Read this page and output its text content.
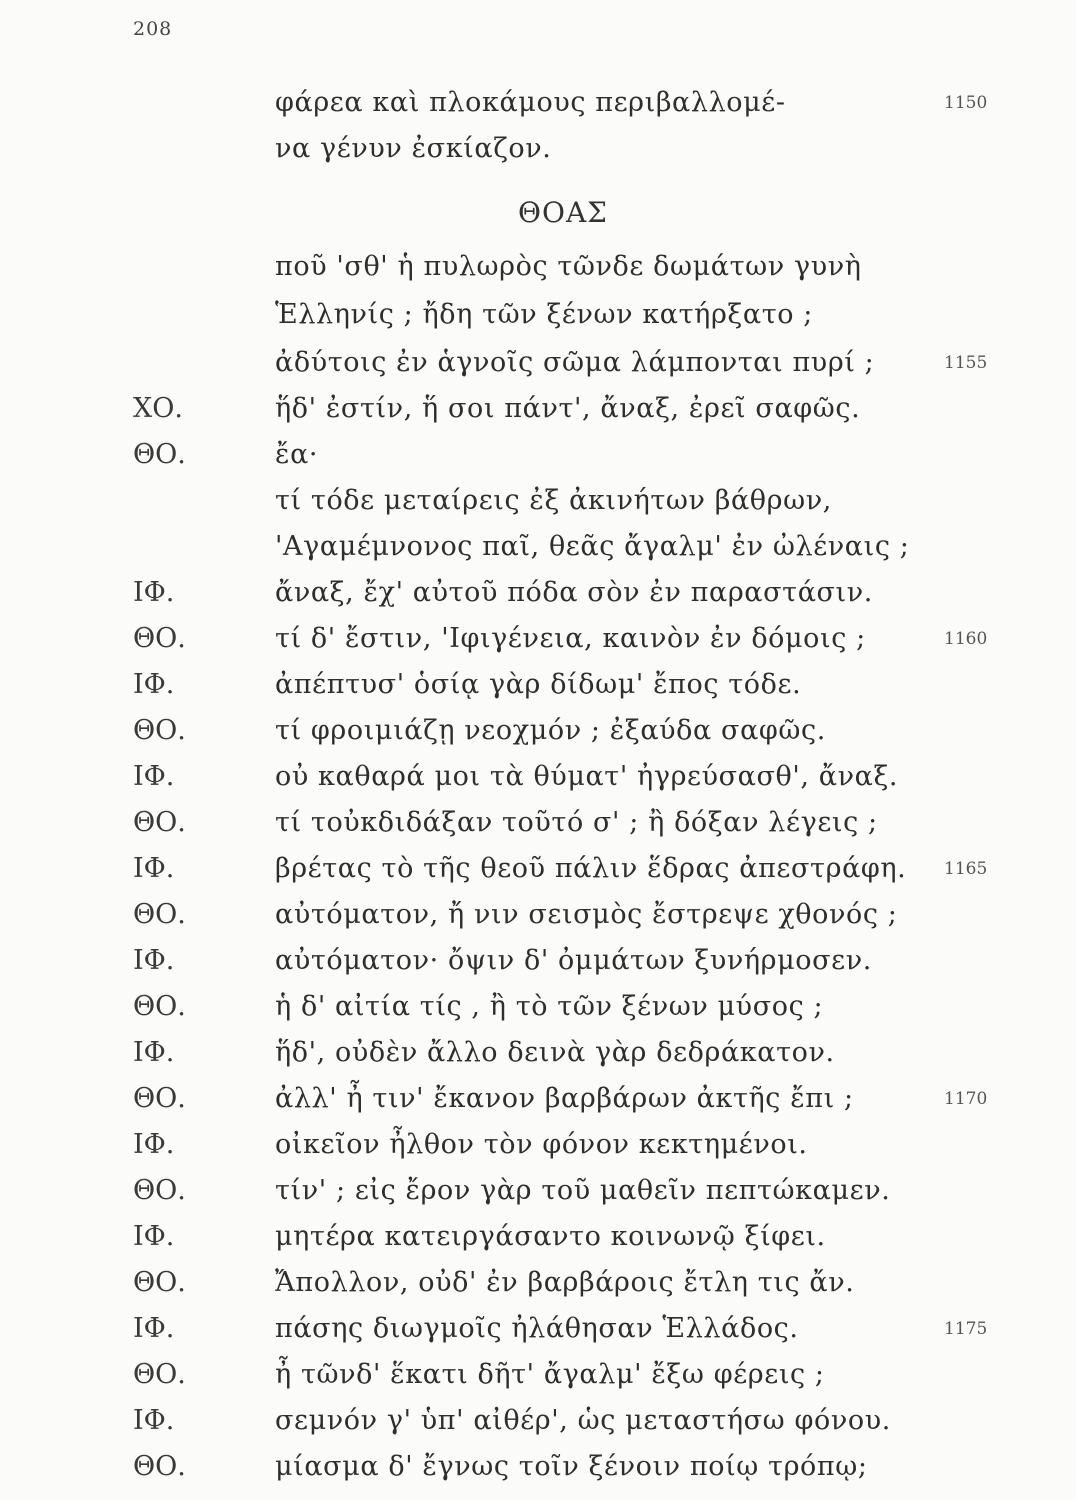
208
φάρεα καὶ πλοκάμους περιβαλλομέ-	1150
να γένυν ἐσκίαζον.
ΘΟΑΣ
ποῦ 'σθ' ἡ πυλωρὸς τῶνδε δωμάτων γυνὴ
Ἑλληνίς ; ἤδη τῶν ξένων κατήρξατο ;
ἀδύτοις ἐν ἁγνοῖς σῶμα λάμπονται πυρί ;	1155
ΧΟ.	ἥδ' ἐστίν, ἥ σοι πάντ', ἄναξ, ἐρεῖ σαφῶς.
ΘΟ.	ἔα·
τί τόδε μεταίρεις ἐξ ἀκινήτων βάθρων,
'Αγαμέμνονος παῖ, θεᾶς ἄγαλμ' ἐν ὠλέναις ;
ΙΦ.	ἄναξ, ἔχ' αὐτοῦ πόδα σὸν ἐν παραστάσιν.
ΘΟ.	τί δ' ἔστιν, 'Ιφιγένεια, καινὸν ἐν δόμοις ;	1160
ΙΦ.	ἀπέπτυσ' ὁσίᾳ γὰρ δίδωμ' ἔπος τόδε.
ΘΟ.	τί φροιμιάζῃ νεοχμόν ; ἐξαύδα σαφῶς.
ΙΦ.	οὐ καθαρά μοι τὰ θύματ' ἠγρεύσασθ', ἄναξ.
ΘΟ.	τί τοὐκδιδάξαν τοῦτό σ' ; ἢ δόξαν λέγεις ;
ΙΦ.	βρέτας τὸ τῆς θεοῦ πάλιν ἕδρας ἀπεστράφη. 1165
ΘΟ.	αὐτόματον, ἤ νιν σεισμὸς ἔστρεψε χθονός ;
ΙΦ.	αὐτόματον· ὄψιν δ' ὀμμάτων ξυνήρμοσεν.
ΘΟ.	ἡ δ' αἰτία τίς , ἢ τὸ τῶν ξένων μύσος ;
ΙΦ.	ἥδ', οὐδὲν ἄλλο δεινὰ γὰρ δεδράκατον.
ΘΟ.	ἀλλ' ἦ τιν' ἔκανον βαρβάρων ἀκτῆς ἔπι ;	1170
ΙΦ.	οἰκεῖον ἦλθον τὸν φόνον κεκτημένοι.
ΘΟ.	τίν' ; εἰς ἔρον γὰρ τοῦ μαθεῖν πεπτώκαμεν.
ΙΦ.	μητέρα κατειργάσαντο κοινωνῷ ξίφει.
ΘΟ.	Ἄπολλον, οὐδ' ἐν βαρβάροις ἔτλη τις ἄν.
ΙΦ.	πάσης διωγμοῖς ἠλάθησαν Ἑλλάδος.	1175
ΘΟ.	ἦ τῶνδ' ἕκατι δῆτ' ἄγαλμ' ἔξω φέρεις ;
ΙΦ.	σεμνόν γ' ὑπ' αἰθέρ', ὡς μεταστήσω φόνου.
ΘΟ.	μίασμα δ' ἔγνως τοῖν ξένοιν ποίῳ τρόπῳ;
